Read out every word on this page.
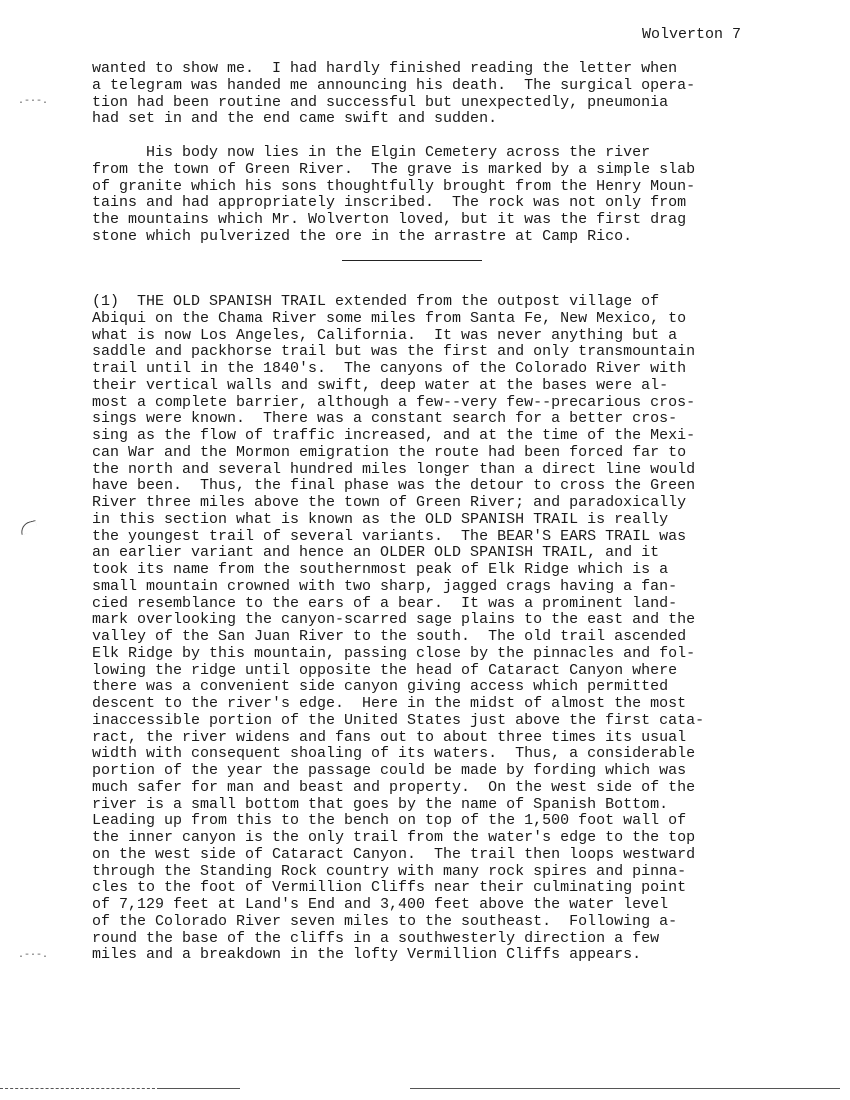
Wolverton 7
wanted to show me.  I had hardly finished reading the letter when
a telegram was handed me announcing his death.  The surgical opera-
tion had been routine and successful but unexpectedly, pneumonia
had set in and the end came swift and sudden.
His body now lies in the Elgin Cemetery across the river
from the town of Green River.  The grave is marked by a simple slab
of granite which his sons thoughtfully brought from the Henry Moun-
tains and had appropriately inscribed.  The rock was not only from
the mountains which Mr. Wolverton loved, but it was the first drag
stone which pulverized the ore in the arrastre at Camp Rico.
(1)  THE OLD SPANISH TRAIL extended from the outpost village of
Abiqui on the Chama River some miles from Santa Fe, New Mexico, to
what is now Los Angeles, California.  It was never anything but a
saddle and packhorse trail but was the first and only transmountain
trail until in the 1840's.  The canyons of the Colorado River with
their vertical walls and swift, deep water at the bases were al-
most a complete barrier, although a few--very few--precarious cros-
sings were known.  There was a constant search for a better cros-
sing as the flow of traffic increased, and at the time of the Mexi-
can War and the Mormon emigration the route had been forced far to
the north and several hundred miles longer than a direct line would
have been.  Thus, the final phase was the detour to cross the Green
River three miles above the town of Green River; and paradoxically
in this section what is known as the OLD SPANISH TRAIL is really
the youngest trail of several variants.  The BEAR'S EARS TRAIL was
an earlier variant and hence an OLDER OLD SPANISH TRAIL, and it
took its name from the southernmost peak of Elk Ridge which is a
small mountain crowned with two sharp, jagged crags having a fan-
cied resemblance to the ears of a bear.  It was a prominent land-
mark overlooking the canyon-scarred sage plains to the east and the
valley of the San Juan River to the south.  The old trail ascended
Elk Ridge by this mountain, passing close by the pinnacles and fol-
lowing the ridge until opposite the head of Cataract Canyon where
there was a convenient side canyon giving access which permitted
descent to the river's edge.  Here in the midst of almost the most
inaccessible portion of the United States just above the first cata-
ract, the river widens and fans out to about three times its usual
width with consequent shoaling of its waters.  Thus, a considerable
portion of the year the passage could be made by fording which was
much safer for man and beast and property.  On the west side of the
river is a small bottom that goes by the name of Spanish Bottom.
Leading up from this to the bench on top of the 1,500 foot wall of
the inner canyon is the only trail from the water's edge to the top
on the west side of Cataract Canyon.  The trail then loops westward
through the Standing Rock country with many rock spires and pinna-
cles to the foot of Vermillion Cliffs near their culminating point
of 7,129 feet at Land's End and 3,400 feet above the water level
of the Colorado River seven miles to the southeast.  Following a-
round the base of the cliffs in a southwesterly direction a few
miles and a breakdown in the lofty Vermillion Cliffs appears.
.-·-.
.-·-.
